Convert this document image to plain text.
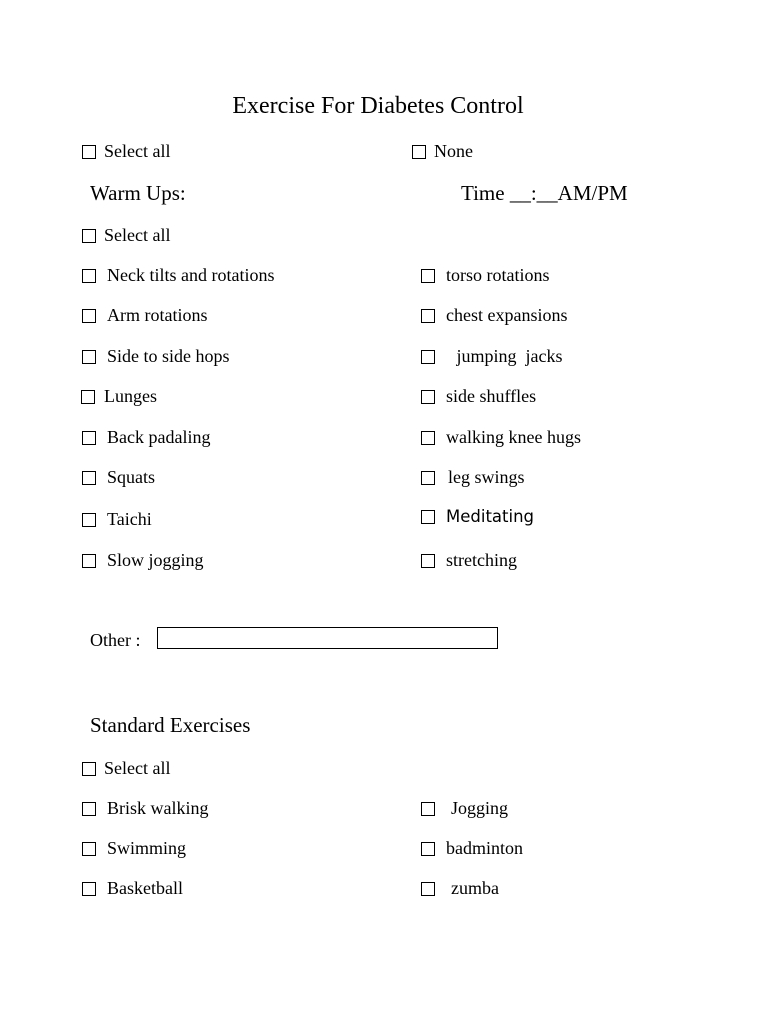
Exercise For Diabetes Control
Select all	None
Warm Ups:	Time __:__AM/PM
Select all
Neck tilts and rotations
Arm rotations
Side to side hops
Lunges
Back padaling
Squats
Taichi
Slow jogging
torso rotations
chest expansions
jumping  jacks
side shuffles
walking knee hugs
leg swings
Meditating
stretching
Other :
Standard Exercises
Select all
Brisk walking
Swimming
Basketball
Jogging
badminton
zumba
